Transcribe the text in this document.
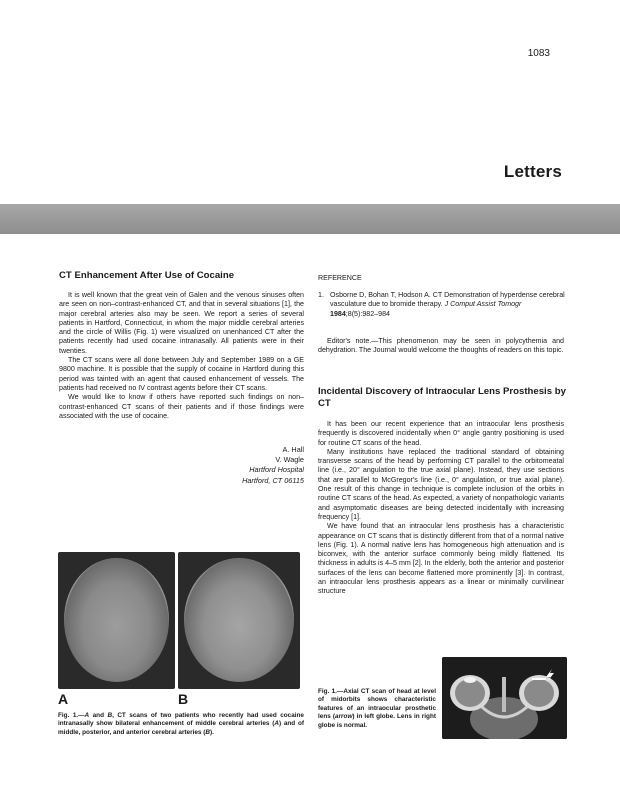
1083
Letters
CT Enhancement After Use of Cocaine

It is well known that the great vein of Galen and the venous sinuses often are seen on non–contrast-enhanced CT, and that in several situations [1], the major cerebral arteries also may be seen. We report a series of several patients in Hartford, Connecticut, in whom the major middle cerebral arteries and the circle of Willis (Fig. 1) were visualized on unenhanced CT after the patients recently had used cocaine intranasally. All patients were in their twenties.

The CT scans were all done between July and September 1989 on a GE 9800 machine. It is possible that the supply of cocaine in Hartford during this period was tainted with an agent that caused enhancement of vessels. The patients had received no IV contrast agents before their CT scans.

We would like to know if others have reported such findings on non–contrast-enhanced CT scans of their patients and if those findings were associated with the use of cocaine.

A. Hall
V. Wagle
Hartford Hospital
Hartford, CT 06115
REFERENCE
1. Osborne D, Bohan T, Hodson A. CT Demonstration of hyperdense cerebral vasculature due to bromide therapy. J Comput Assist Tomogr 1984;8(5):982–984

Editor's note.—This phenomenon may be seen in polycythemia and dehydration. The Journal would welcome the thoughts of readers on this topic.

Incidental Discovery of Intraocular Lens Prosthesis by CT

It has been our recent experience that an intraocular lens prosthesis frequently is discovered incidentally when 0° angle gantry positioning is used for routine CT scans of the head.

Many institutions have replaced the traditional standard of obtaining transverse scans of the head by performing CT parallel to the orbitomeatal line (i.e., 20° angulation to the true axial plane). Instead, they use sections that are parallel to McGregor's line (i.e., 0° angulation, or true axial plane). One result of this change in technique is complete inclusion of the orbits in routine CT scans of the head. As expected, a variety of nonpathologic variants and asymptomatic diseases are being detected incidentally with increasing frequency [1].

We have found that an intraocular lens prosthesis has a characteristic appearance on CT scans that is distinctly different from that of a normal native lens (Fig. 1). A normal native lens has homogeneous high attenuation and is biconvex, with the anterior surface commonly being mildly flattened. Its thickness in adults is 4–5 mm [2]. In the elderly, both the anterior and posterior surfaces of the lens can become flattened more prominently [3]. In contrast, an intraocular lens prosthesis appears as a linear or minimally curvilinear structure

A	B
Fig. 1.—A and B, CT scans of two patients who recently had used cocaine intranasally show bilateral enhancement of middle cerebral arteries (A) and of middle, posterior, and anterior cerebral arteries (B).
Fig. 1.—Axial CT scan of head at level of midorbits shows characteristic features of an intraocular prosthetic lens (arrow) in left globe. Lens in right globe is normal.
